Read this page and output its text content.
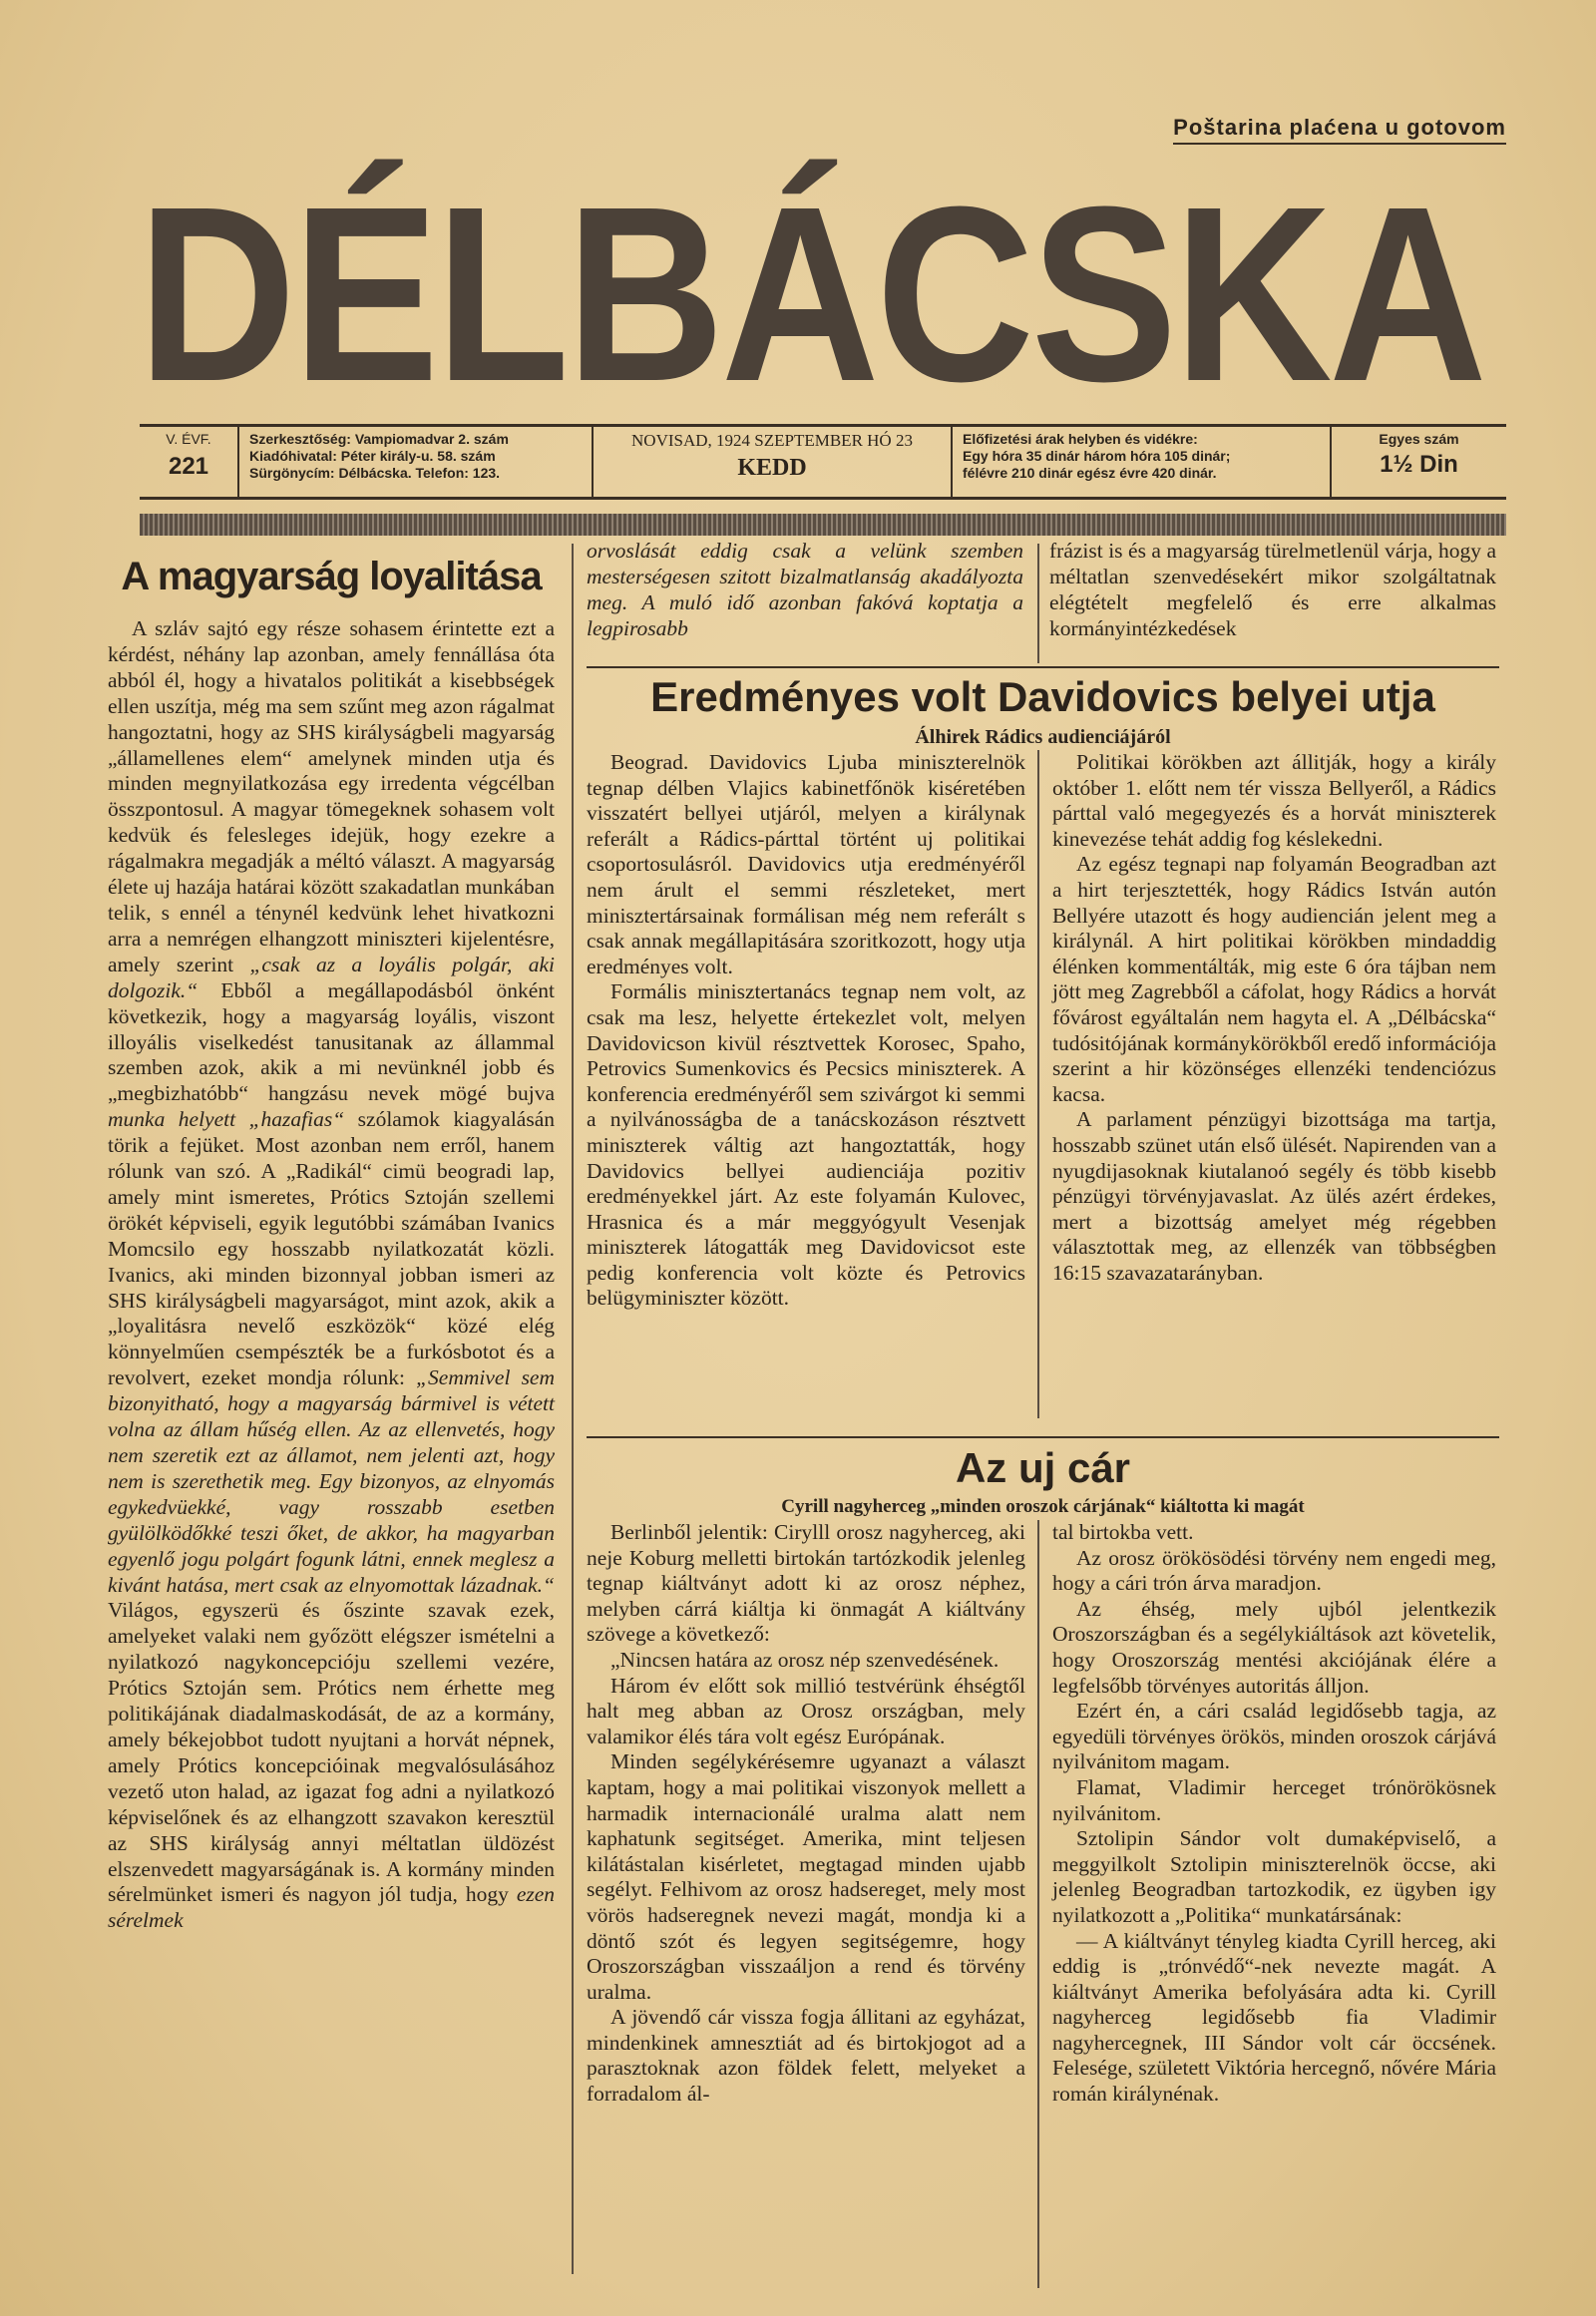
Poštarina plaćena u gotovom
DÉLBÁCSKA
V. ÉVF.
221
Szerkesztőség: Vampiomadvar 2. szám
Kiadóhivatal: Péter király-u. 58. szám
Sürgönycím: Délbácska. Telefon: 123.
NOVISAD, 1924 SZEPTEMBER HÓ 23
KEDD
Előfizetési árak helyben és vidékre:
Egy hóra 35 dinár három hóra 105 dinár;
félévre 210 dinár egész évre 420 dinár.
Egyes szám
1½ Din
A magyarság loyalitása

A szláv sajtó egy része sohasem érintette ezt a kérdést, néhány lap azonban, amely fennállása óta abból él, hogy a hivatalos politikát a kisebbségek ellen uszítja, még ma sem szűnt meg azon rágalmat hangoztatni, hogy az SHS királyságbeli magyarság „államellenes elem“ amelynek minden utja és minden megnyilatkozása egy irredenta végcélban összpontosul. A magyar tömegeknek sohasem volt kedvük és felesleges idejük, hogy ezekre a rágalmakra megadják a méltó választ. A magyarság élete uj hazája határai között szakadatlan munkában telik, s ennél a ténynél kedvünk lehet hivatkozni arra a nemrégen elhangzott miniszteri kijelentésre, amely szerint „csak az a loyális polgár, aki dolgozik.“ Ebből a megállapodásból önként következik, hogy a magyarság loyális, viszont illoyális viselkedést tanusitanak az állammal szemben azok, akik a mi nevünknél jobb és „megbizhatóbb“ hangzásu nevek mögé bujva munka helyett „hazafias“ szólamok kiagyalásán törik a fejüket. Most azonban nem erről, hanem rólunk van szó. A „Radikál“ cimü beogradi lap, amely mint ismeretes, Prótics Sztoján szellemi örökét képviseli, egyik legutóbbi számában Ivanics Momcsilo egy hosszabb nyilatkozatát közli. Ivanics, aki minden bizonnyal jobban ismeri az SHS királyságbeli magyarságot, mint azok, akik a „loyalitásra nevelő eszközök“ közé elég könnyelműen csempészték be a furkósbotot és a revolvert, ezeket mondja rólunk: „Semmivel sem bizonyitható, hogy a magyarság bármivel is vétett volna az állam hűség ellen. Az az ellenvetés, hogy nem szeretik ezt az államot, nem jelenti azt, hogy nem is szerethetik meg. Egy bizonyos, az elnyomás egykedvüekké, vagy rosszabb esetben gyülölködőkké teszi őket, de akkor, ha magyarban egyenlő jogu polgárt fogunk látni, ennek meglesz a kivánt hatása, mert csak az elnyomottak lázadnak.“ Világos, egyszerü és őszinte szavak ezek, amelyeket valaki nem győzött elégszer ismételni a nyilatkozó nagykoncepcióju szellemi vezére, Prótics Sztoján sem. Prótics nem érhette meg politikájának diadalmaskodását, de az a kormány, amely békejobbot tudott nyujtani a horvát népnek, amely Prótics koncepcióinak megvalósulásához vezető uton halad, az igazat fog adni a nyilatkozó képviselőnek és az elhangzott szavakon keresztül az SHS királyság annyi méltatlan üldözést elszenvedett magyarságának is. A kormány minden sérelmünket ismeri és nagyon jól tudja, hogy ezen sérelmek

orvoslását eddig csak a velünk szemben mesterségesen szitott bizalmatlanság akadályozta meg. A muló idő azonban fakóvá koptatja a legpirosabb

frázist is és a magyarság türelmetlenül várja, hogy a méltatlan szenvedésekért mikor szolgáltatnak elégtételt megfelelő és erre alkalmas kormányintézkedések

Eredményes volt Davidovics belyei utja
Álhirek Rádics audienciájáról

Beograd. Davidovics Ljuba miniszterelnök tegnap délben Vlajics kabinetfőnök kiséretében visszatért bellyei utjáról, melyen a királynak referált a Rádics-párttal történt uj politikai csoportosulásról. Davidovics utja eredményéről nem árult el semmi részleteket, mert minisztertársainak formálisan még nem referált s csak annak megállapitására szoritkozott, hogy utja eredményes volt.

Formális minisztertanács tegnap nem volt, az csak ma lesz, helyette értekezlet volt, melyen Davidovicson kivül résztvettek Korosec, Spaho, Petrovics Sumenkovics és Pecsics miniszterek. A konferencia eredményéről sem szivárgot ki semmi a nyilvánosságba de a tanácskozáson résztvett miniszterek váltig azt hangoztatták, hogy Davidovics bellyei audienciája pozitiv eredményekkel járt. Az este folyamán Kulovec, Hrasnica és a már meggyógyult Vesenjak miniszterek látogatták meg Davidovicsot este pedig konferencia volt közte és Petrovics belügyminiszter között.

Politikai körökben azt állitják, hogy a király október 1. előtt nem tér vissza Bellyeről, a Rádics párttal való megegyezés és a horvát miniszterek kinevezése tehát addig fog késlekedni.

Az egész tegnapi nap folyamán Beogradban azt a hirt terjesztették, hogy Rádics István autón Bellyére utazott és hogy audiencián jelent meg a királynál. A hirt politikai körökben mindaddig élénken kommentálták, mig este 6 óra tájban nem jött meg Zagrebből a cáfolat, hogy Rádics a horvát fővárost egyáltalán nem hagyta el. A „Délbácska“ tudósitójának kormánykörökből eredő információja szerint a hir közönséges ellenzéki tendenciózus kacsa.

A parlament pénzügyi bizottsága ma tartja, hosszabb szünet után első ülését. Napirenden van a nyugdijasoknak kiutalanoó segély és több kisebb pénzügyi törvényjavaslat. Az ülés azért érdekes, mert a bizottság amelyet még régebben választottak meg, az ellenzék van többségben 16:15 szavazatarányban.

Az uj cár
Cyrill nagyherceg „minden oroszok cárjának“ kiáltotta ki magát

Berlinből jelentik: Cirylll orosz nagyherceg, aki neje Koburg melletti birtokán tartózkodik jelenleg tegnap kiáltványt adott ki az orosz néphez, melyben cárrá kiáltja ki önmagát A kiáltvány szövege a következő:

„Nincsen határa az orosz nép szenvedésének.

Három év előtt sok millió testvérünk éhségtől halt meg abban az Orosz országban, mely valamikor élés tára volt egész Európának.

Minden segélykérésemre ugyanazt a választ kaptam, hogy a mai politikai viszonyok mellett a harmadik internacionálé uralma alatt nem kaphatunk segitséget. Amerika, mint teljesen kilátástalan kisérletet, megtagad minden ujabb segélyt. Felhivom az orosz hadsereget, mely most vörös hadseregnek nevezi magát, mondja ki a döntő szót és legyen segitségemre, hogy Oroszországban visszaáljon a rend és törvény uralma.

A jövendő cár vissza fogja állitani az egyházat, mindenkinek amnesztiát ad és birtokjogot ad a parasztoknak azon földek felett, melyeket a forradalom ál-

tal birtokba vett.

Az orosz örökösödési törvény nem engedi meg, hogy a cári trón árva maradjon.

Az éhség, mely ujból jelentkezik Oroszországban és a segélykiáltások azt követelik, hogy Oroszország mentési akciójának élére a legfelsőbb törvényes autoritás álljon.

Ezért én, a cári család legidősebb tagja, az egyedüli törvényes örökös, minden oroszok cárjává nyilvánitom magam.

Flamat, Vladimir herceget trónörökösnek nyilvánitom.

Sztolipin Sándor volt dumaképviselő, a meggyilkolt Sztolipin miniszterelnök öccse, aki jelenleg Beogradban tartozkodik, ez ügyben igy nyilatkozott a „Politika“ munkatársának:

— A kiáltványt tényleg kiadta Cyrill herceg, aki eddig is „trónvédő“-nek nevezte magát. A kiáltványt Amerika befolyására adta ki. Cyrill nagyherceg legidősebb fia Vladimir nagyhercegnek, III Sándor volt cár öccsének. Felesége, született Viktória hercegnő, nővére Mária román királynénak.
